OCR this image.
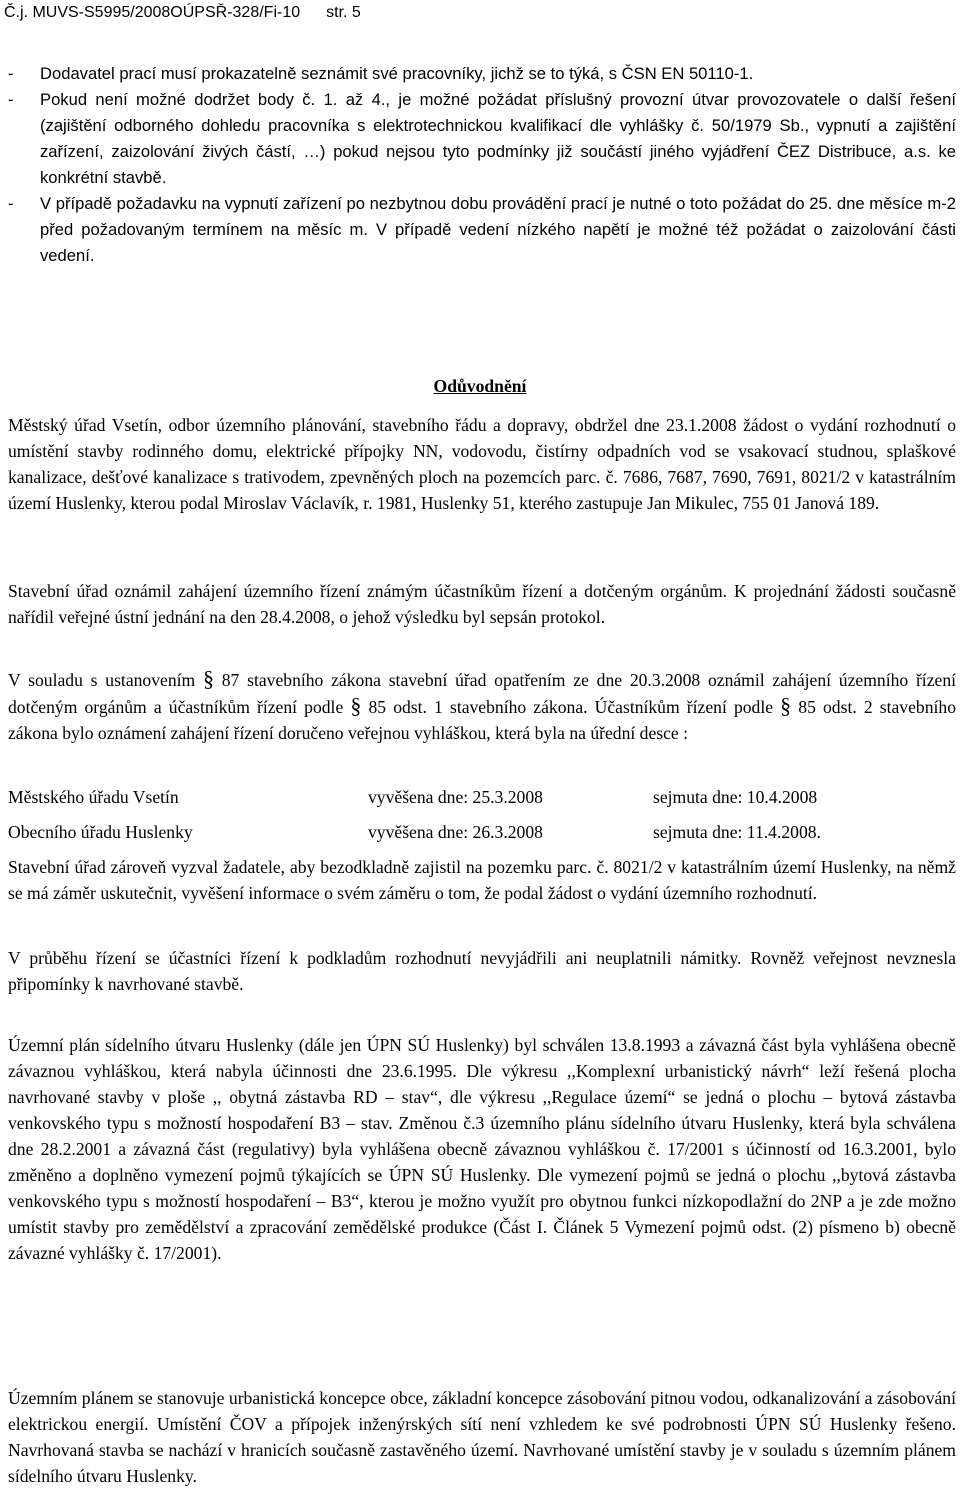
Č.j. MUVS-S5995/2008OÚPSŘ-328/Fi-10 str. 5
- Dodavatel prací musí prokazatelně seznámit své pracovníky, jichž se to týká, s ČSN EN 50110-1.
- Pokud není možné dodržet body č. 1. až 4., je možné požádat příslušný provozní útvar provozovatele o další řešení (zajištění odborného dohledu pracovníka s elektrotechnickou kvalifikací dle vyhlášky č. 50/1979 Sb., vypnutí a zajištění zařízení, zaizolování živých částí, …) pokud nejsou tyto podmínky již součástí jiného vyjádření ČEZ Distribuce, a.s. ke konkrétní stavbě.
- V případě požadavku na vypnutí zařízení po nezbytnou dobu provádění prací je nutné o toto požádat do 25. dne měsíce m-2 před požadovaným termínem na měsíc m. V případě vedení nízkého napětí je možné též požádat o zaizolování části vedení.
Odůvodnění

Městský úřad Vsetín, odbor územního plánování, stavebního řádu a dopravy, obdržel dne 23.1.2008 žádost o vydání rozhodnutí o umístění stavby rodinného domu, elektrické přípojky NN, vodovodu, čistírny odpadních vod se vsakovací studnou, splaškové kanalizace, dešťové kanalizace s trativodem, zpevněných ploch na pozemcích parc. č. 7686, 7687, 7690, 7691, 8021/2 v katastrálním území Huslenky, kterou podal Miroslav Václavík, r. 1981, Huslenky 51, kterého zastupuje Jan Mikulec, 755 01 Janová 189.

Stavební úřad oznámil zahájení územního řízení známým účastníkům řízení a dotčeným orgánům. K projednání žádosti současně nařídil veřejné ústní jednání na den 28.4.2008, o jehož výsledku byl sepsán protokol.

V souladu s ustanovením § 87 stavebního zákona stavební úřad opatřením ze dne 20.3.2008 oznámil zahájení územního řízení dotčeným orgánům a účastníkům řízení podle § 85 odst. 1 stavebního zákona. Účastníkům řízení podle § 85 odst. 2 stavebního zákona bylo oznámení zahájení řízení doručeno veřejnou vyhláškou, která byla na úřední desce :

Městského úřadu Vsetín	vyvěšena dne: 25.3.2008	sejmuta dne: 10.4.2008
Obecního úřadu Huslenky	vyvěšena dne: 26.3.2008	sejmuta dne: 11.4.2008.

Stavební úřad zároveň vyzval žadatele, aby bezodkladně zajistil na pozemku parc. č. 8021/2 v katastrálním území Huslenky, na němž se má záměr uskutečnit, vyvěšení informace o svém záměru o tom, že podal žádost o vydání územního rozhodnutí.

V průběhu řízení se účastníci řízení k podkladům rozhodnutí nevyjádřili ani neuplatnili námitky. Rovněž veřejnost nevznesla připomínky k navrhované stavbě.

Územní plán sídelního útvaru Huslenky (dále jen ÚPN SÚ Huslenky) byl schválen 13.8.1993 a závazná část byla vyhlášena obecně závaznou vyhláškou, která nabyla účinnosti dne 23.6.1995. Dle výkresu ,,Komplexní urbanistický návrh“ leží řešená plocha navrhované stavby v ploše ,, obytná zástavba RD – stav“, dle výkresu ,,Regulace území“ se jedná o plochu – bytová zástavba venkovského typu s možností hospodaření B3 – stav. Změnou č.3 územního plánu sídelního útvaru Huslenky, která byla schválena dne 28.2.2001 a závazná část (regulativy) byla vyhlášena obecně závaznou vyhláškou č. 17/2001 s účinností od 16.3.2001, bylo změněno a doplněno vymezení pojmů týkajících se ÚPN SÚ Huslenky. Dle vymezení pojmů se jedná o plochu ,,bytová zástavba venkovského typu s možností hospodaření – B3“, kterou je možno využít pro obytnou funkci nízkopodlažní do 2NP a je zde možno umístit stavby pro zemědělství a zpracování zemědělské produkce (Část I. Článek 5 Vymezení pojmů odst. (2) písmeno b) obecně závazné vyhlášky č. 17/2001).

Územním plánem se stanovuje urbanistická koncepce obce, základní koncepce zásobování pitnou vodou, odkanalizování a zásobování elektrickou energií. Umístění ČOV a přípojek inženýrských sítí není vzhledem ke své podrobnosti ÚPN SÚ Huslenky řešeno. Navrhovaná stavba se nachází v hranicích současně zastavěného území. Navrhované umístění stavby je v souladu s územním plánem sídelního útvaru Huslenky.
